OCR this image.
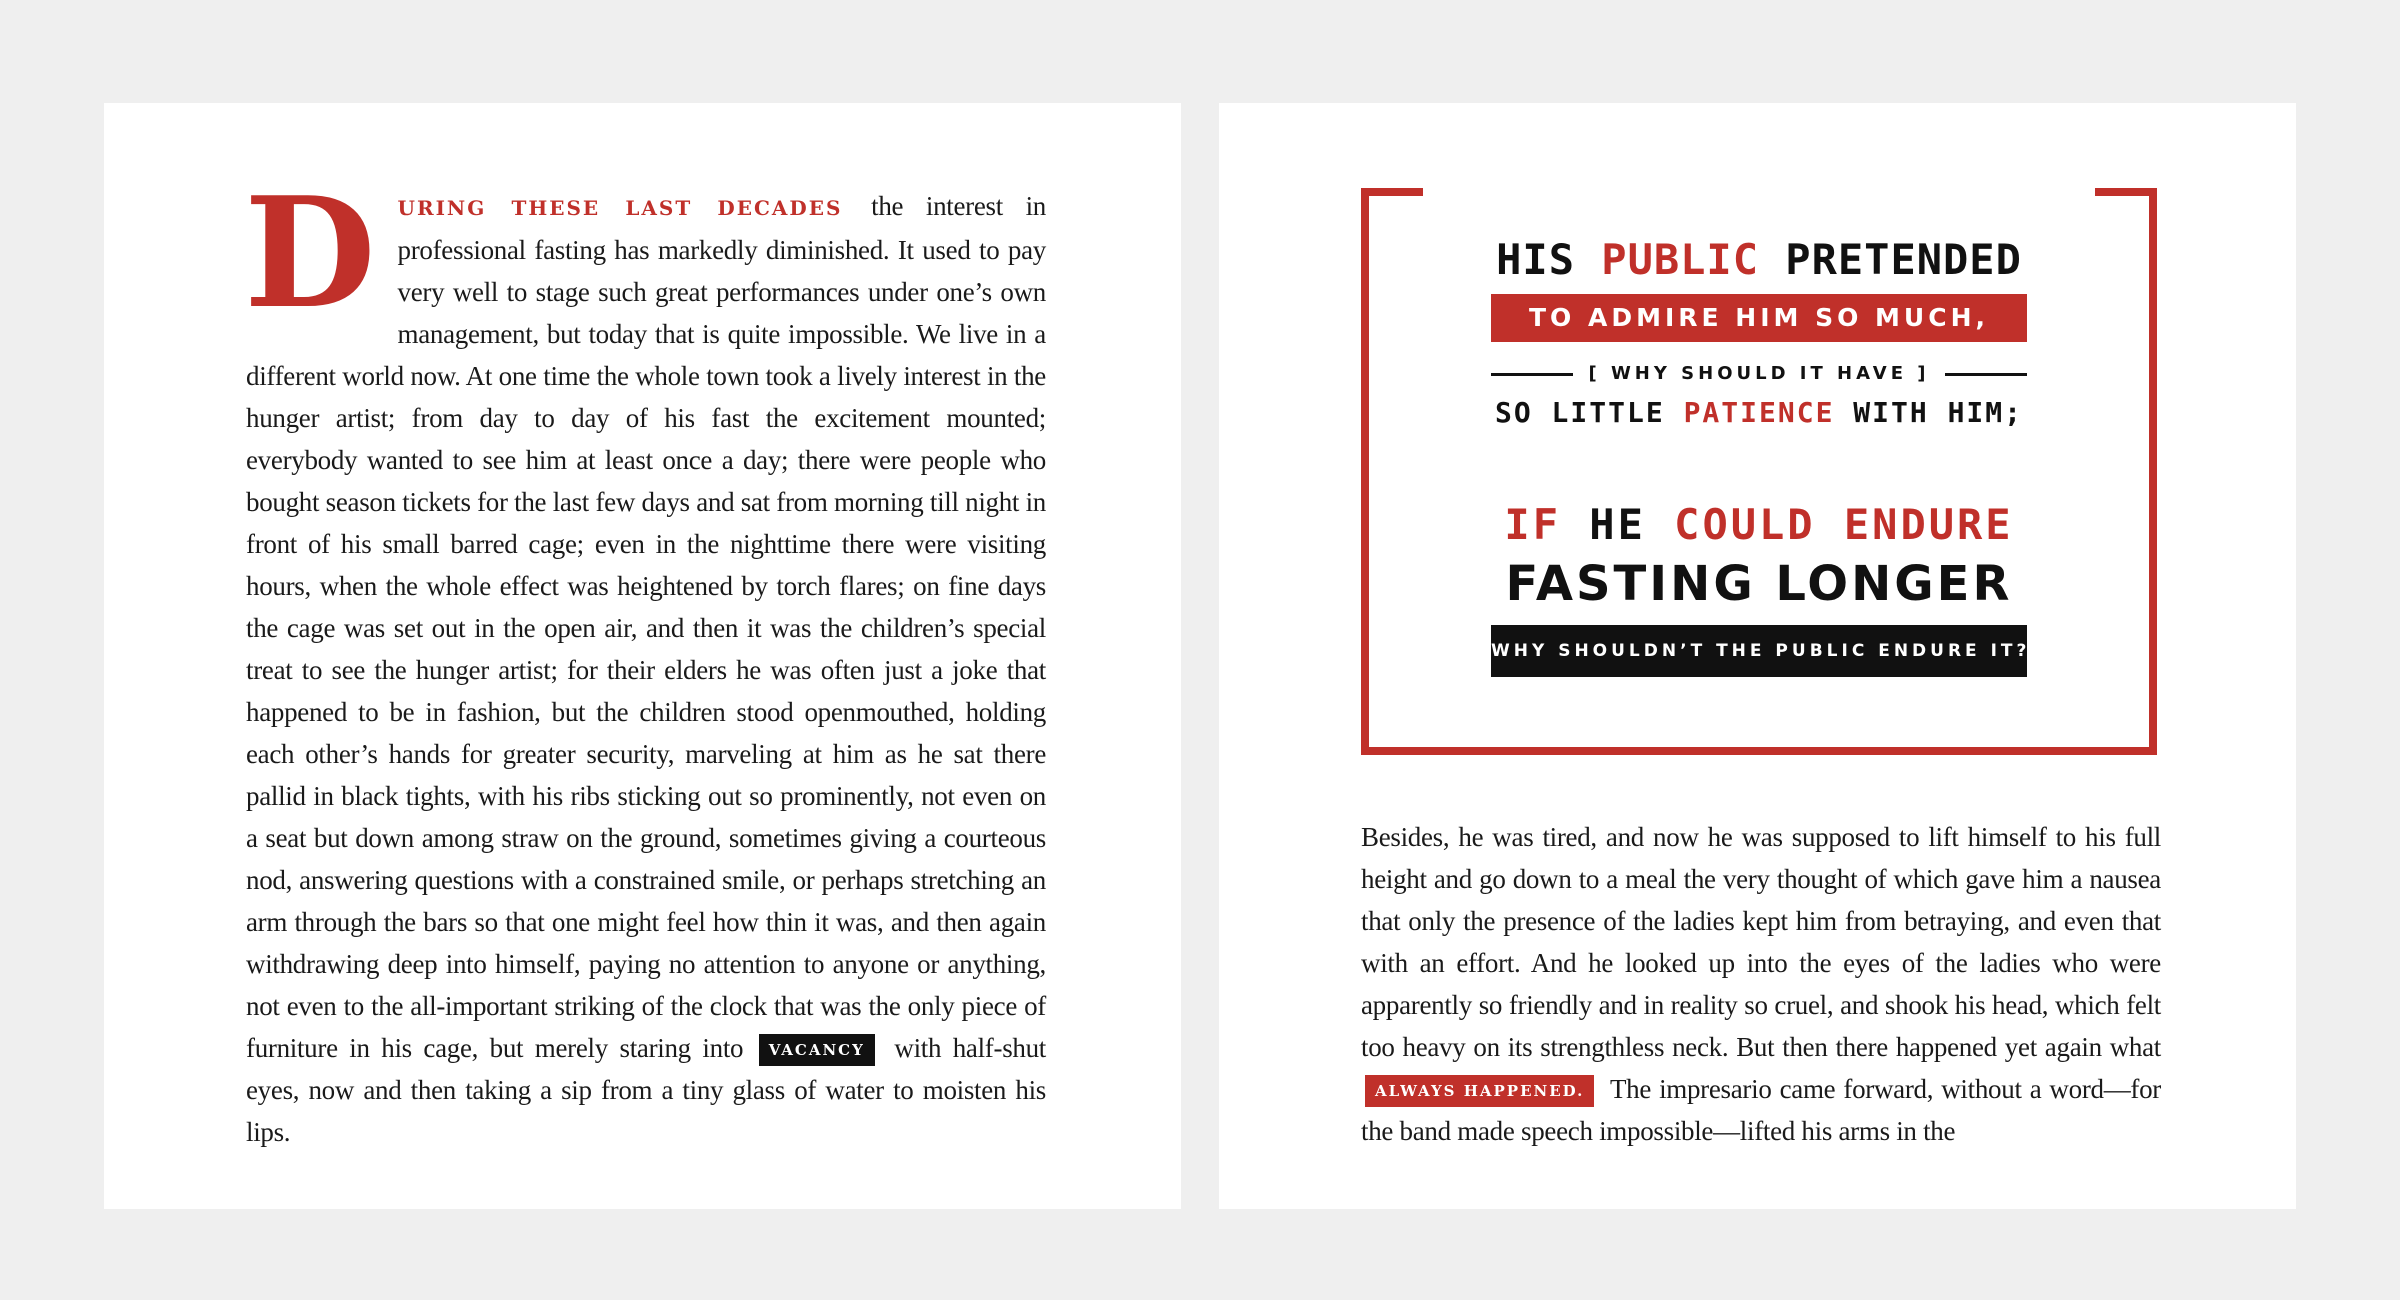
D URING THESE LAST DECADES the interest in professional fasting has markedly diminished. It used to pay very well to stage such great performances under one’s own management, but today that is quite impossible. We live in a different world now. At one time the whole town took a lively interest in the hunger artist; from day to day of his fast the excitement mounted; everybody wanted to see him at least once a day; there were people who bought season tickets for the last few days and sat from morning till night in front of his small barred cage; even in the nighttime there were visiting hours, when the whole effect was heightened by torch flares; on fine days the cage was set out in the open air, and then it was the children’s special treat to see the hunger artist; for their elders he was often just a joke that happened to be in fashion, but the children stood openmouthed, holding each other’s hands for greater security, marveling at him as he sat there pallid in black tights, with his ribs sticking out so prominently, not even on a seat but down among straw on the ground, sometimes giving a courteous nod, answering questions with a constrained smile, or perhaps stretching an arm through the bars so that one might feel how thin it was, and then again withdrawing deep into himself, paying no attention to anyone or anything, not even to the all-important striking of the clock that was the only piece of furniture in his cage, but merely staring into VACANCY with half-shut eyes, now and then taking a sip from a tiny glass of water to moisten his lips.
HIS PUBLIC PRETENDED
TO ADMIRE HIM SO MUCH,
[ WHY SHOULD IT HAVE ]
SO LITTLE PATIENCE WITH HIM;
IF HE COULD ENDURE
FASTING LONGER
WHY SHOULDN’T THE PUBLIC ENDURE IT?
Besides, he was tired, and now he was supposed to lift himself to his full height and go down to a meal the very thought of which gave him a nausea that only the presence of the ladies kept him from betraying, and even that with an effort. And he looked up into the eyes of the ladies who were apparently so friendly and in reality so cruel, and shook his head, which felt too heavy on its strengthless neck. But then there happened yet again what ALWAYS HAPPENED. The impresario came forward, without a word—for the band made speech impossible—lifted his arms in the
